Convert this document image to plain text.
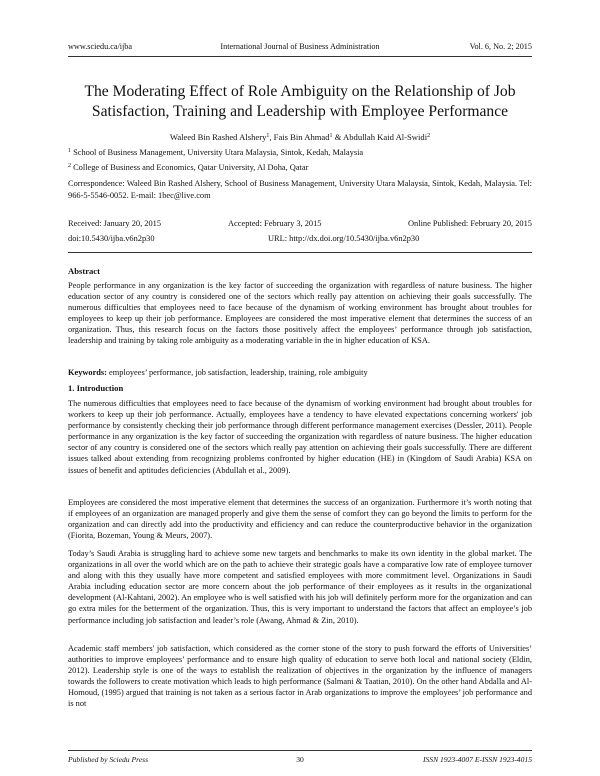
www.sciedu.ca/ijba	International Journal of Business Administration	Vol. 6, No. 2; 2015
The Moderating Effect of Role Ambiguity on the Relationship of Job Satisfaction, Training and Leadership with Employee Performance
Waleed Bin Rashed Alshery$^1$, Fais Bin Ahmad$^1$ & Abdullah Kaid Al-Swidi$^2$
$^1$ School of Business Management, University Utara Malaysia, Sintok, Kedah, Malaysia
$^2$ College of Business and Economics, Qatar University, Al Doha, Qatar
Correspondence: Waleed Bin Rashed Alshery, School of Business Management, University Utara Malaysia, Sintok, Kedah, Malaysia. Tel: 966-5-5546-0052. E-mail: 1bec@live.com
Received: January 20, 2015	Accepted: February 3, 2015	Online Published: February 20, 2015
doi:10.5430/ijba.v6n2p30	URL: http://dx.doi.org/10.5430/ijba.v6n2p30
Abstract

People performance in any organization is the key factor of succeeding the organization with regardless of nature business. The higher education sector of any country is considered one of the sectors which really pay attention on achieving their goals successfully. The numerous difficulties that employees need to face because of the dynamism of working environment has brought about troubles for employees to keep up their job performance. Employees are considered the most imperative element that determines the success of an organization. Thus, this research focus on the factors those positively affect the employees’ performance through job satisfaction, leadership and training by taking role ambiguity as a moderating variable in the in higher education of KSA.

Keywords: employees’ performance, job satisfaction, leadership, training, role ambiguity

1. Introduction

The numerous difficulties that employees need to face because of the dynamism of working environment had brought about troubles for workers to keep up their job performance. Actually, employees have a tendency to have elevated expectations concerning workers' job performance by consistently checking their job performance through different performance management exercises (Dessler, 2011). People performance in any organization is the key factor of succeeding the organization with regardless of nature business. The higher education sector of any country is considered one of the sectors which really pay attention on achieving their goals successfully. There are different issues talked about extending from recognizing problems confronted by higher education (HE) in (Kingdom of Saudi Arabia) KSA on issues of benefit and aptitudes deficiencies (Abdullah et al., 2009).

Employees are considered the most imperative element that determines the success of an organization. Furthermore it’s worth noting that if employees of an organization are managed properly and give them the sense of comfort they can go beyond the limits to perform for the organization and can directly add into the productivity and efficiency and can reduce the counterproductive behavior in the organization (Fiorita, Bozeman, Young & Meurs, 2007).

Today’s Saudi Arabia is struggling hard to achieve some new targets and benchmarks to make its own identity in the global market. The organizations in all over the world which are on the path to achieve their strategic goals have a comparative low rate of employee turnover and along with this they usually have more competent and satisfied employees with more commitment level. Organizations in Saudi Arabia including education sector are more concern about the job performance of their employees as it results in the organizational development (Al-Kahtani, 2002). An employee who is well satisfied with his job will definitely perform more for the organization and can go extra miles for the betterment of the organization. Thus, this is very important to understand the factors that affect an employee’s job performance including job satisfaction and leader’s role (Awang, Ahmad & Zin, 2010).

Academic staff members' job satisfaction, which considered as the corner stone of the story to push forward the efforts of Universities’ authorities to improve employees’ performance and to ensure high quality of education to serve both local and national society (Eldin, 2012). Leadership style is one of the ways to establish the realization of objectives in the organization by the influence of managers towards the followers to create motivation which leads to high performance (Salmani & Taatian, 2010). On the other hand Abdalla and Al-Homoud, (1995) argued that training is not taken as a serious factor in Arab organizations to improve the employees’ job performance and is not

Published by Sciedu Press	30	ISSN 1923-4007 E-ISSN 1923-4015
